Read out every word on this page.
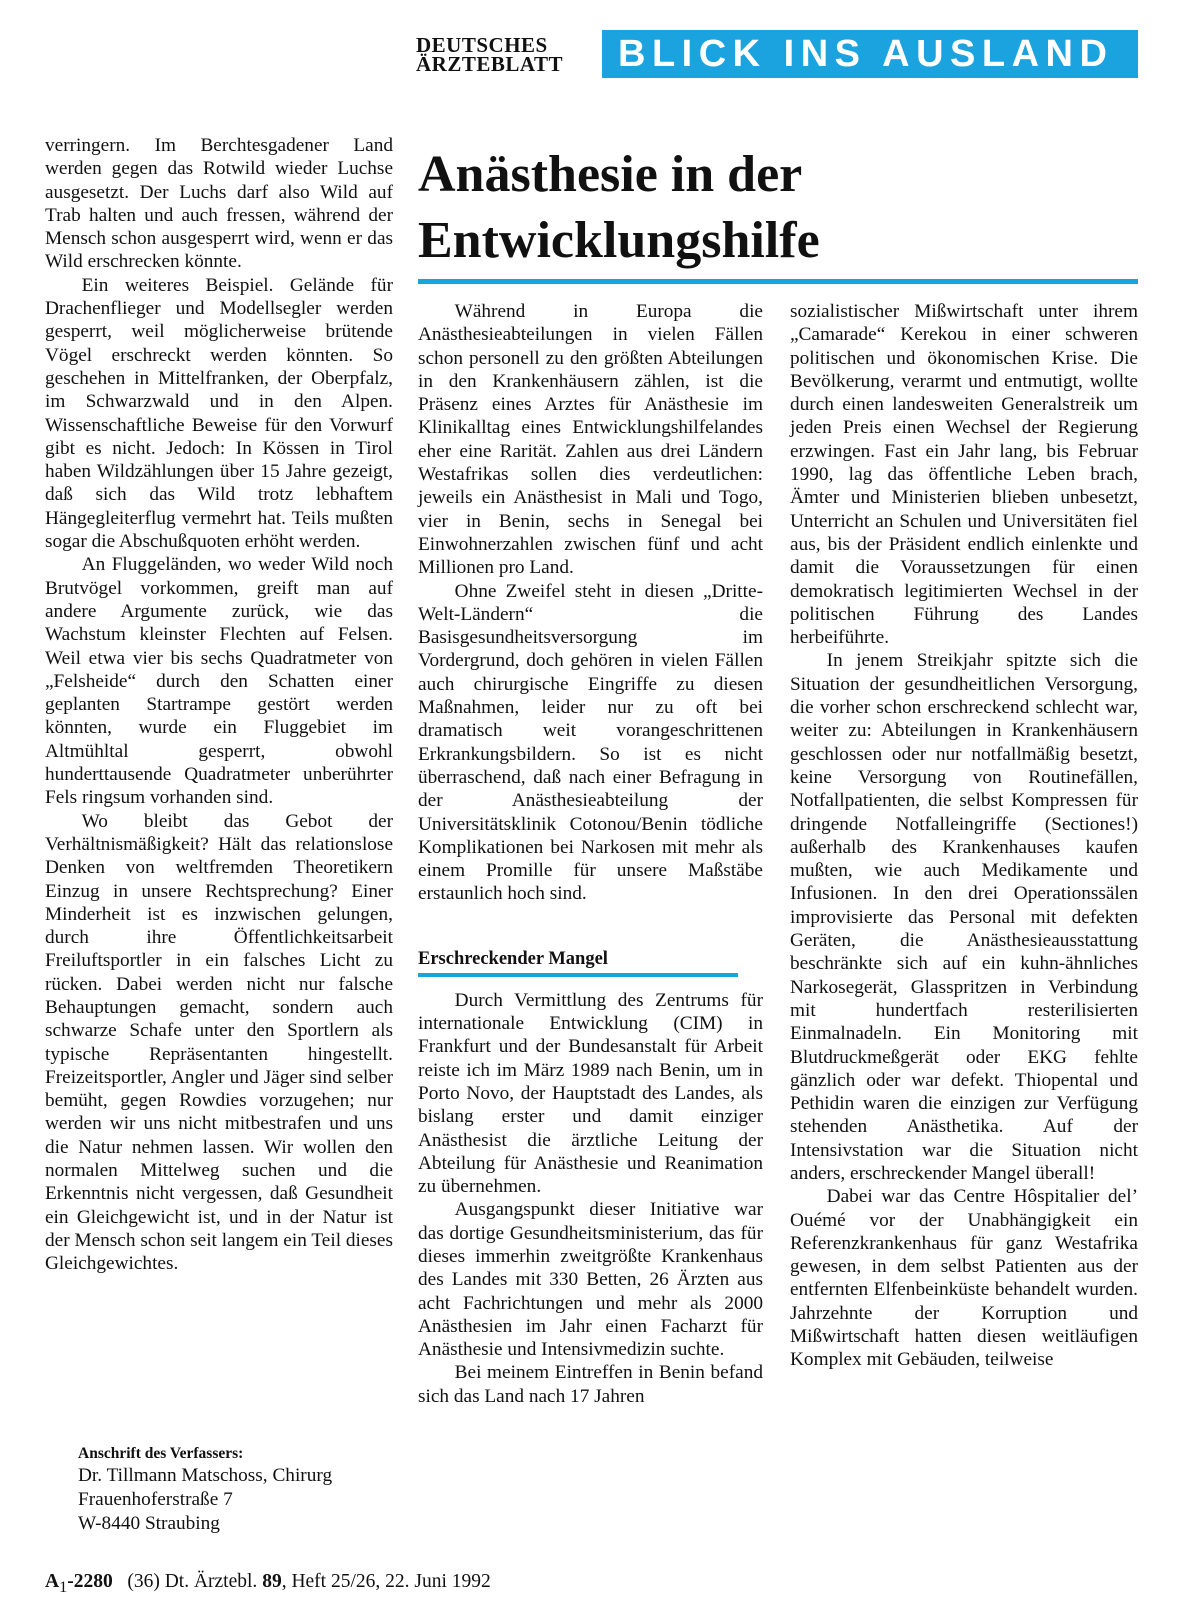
DEUTSCHES
ÄRZTEBLATT	BLICK INS AUSLAND

verringern. Im Berchtesgadener Land werden gegen das Rotwild wieder Luchse ausgesetzt. Der Luchs darf also Wild auf Trab halten und auch fressen, während der Mensch schon ausgesperrt wird, wenn er das Wild erschrecken könnte.

Ein weiteres Beispiel. Gelände für Drachenflieger und Modellsegler werden gesperrt, weil möglicherweise brütende Vögel erschreckt werden könnten. So geschehen in Mittelfranken, der Oberpfalz, im Schwarzwald und in den Alpen. Wissenschaftliche Beweise für den Vorwurf gibt es nicht. Jedoch: In Kössen in Tirol haben Wildzählungen über 15 Jahre gezeigt, daß sich das Wild trotz lebhaftem Hängegleiterflug vermehrt hat. Teils mußten sogar die Abschußquoten erhöht werden.

An Fluggeländen, wo weder Wild noch Brutvögel vorkommen, greift man auf andere Argumente zurück, wie das Wachstum kleinster Flechten auf Felsen. Weil etwa vier bis sechs Quadratmeter von „Felsheide“ durch den Schatten einer geplanten Startrampe gestört werden könnten, wurde ein Fluggebiet im Altmühltal gesperrt, obwohl hunderttausende Quadratmeter unberührter Fels ringsum vorhanden sind.

Wo bleibt das Gebot der Verhältnismäßigkeit? Hält das relationslose Denken von weltfremden Theoretikern Einzug in unsere Rechtsprechung? Einer Minderheit ist es inzwischen gelungen, durch ihre Öffentlichkeitsarbeit Freiluftsportler in ein falsches Licht zu rücken. Dabei werden nicht nur falsche Behauptungen gemacht, sondern auch schwarze Schafe unter den Sportlern als typische Repräsentanten hingestellt. Freizeitsportler, Angler und Jäger sind selber bemüht, gegen Rowdies vorzugehen; nur werden wir uns nicht mitbestrafen und uns die Natur nehmen lassen. Wir wollen den normalen Mittelweg suchen und die Erkenntnis nicht vergessen, daß Gesundheit ein Gleichgewicht ist, und in der Natur ist der Mensch schon seit langem ein Teil dieses Gleichgewichtes.

Anschrift des Verfassers:
Dr. Tillmann Matschoss, Chirurg
Frauenhoferstraße 7
W-8440 Straubing
Anästhesie in der
Entwicklungshilfe

Während in Europa die Anästhesieabteilungen in vielen Fällen schon personell zu den größten Abteilungen in den Krankenhäusern zählen, ist die Präsenz eines Arztes für Anästhesie im Klinikalltag eines Entwicklungshilfelandes eher eine Rarität. Zahlen aus drei Ländern Westafrikas sollen dies verdeutlichen: jeweils ein Anästhesist in Mali und Togo, vier in Benin, sechs in Senegal bei Einwohnerzahlen zwischen fünf und acht Millionen pro Land.

Ohne Zweifel steht in diesen „Dritte-Welt-Ländern“ die Basisgesundheitsversorgung im Vordergrund, doch gehören in vielen Fällen auch chirurgische Eingriffe zu diesen Maßnahmen, leider nur zu oft bei dramatisch weit vorangeschrittenen Erkrankungsbildern. So ist es nicht überraschend, daß nach einer Befragung in der Anästhesieabteilung der Universitätsklinik Cotonou/Benin tödliche Komplikationen bei Narkosen mit mehr als einem Promille für unsere Maßstäbe erstaunlich hoch sind.

Erschreckender Mangel

Durch Vermittlung des Zentrums für internationale Entwicklung (CIM) in Frankfurt und der Bundesanstalt für Arbeit reiste ich im März 1989 nach Benin, um in Porto Novo, der Hauptstadt des Landes, als bislang erster und damit einziger Anästhesist die ärztliche Leitung der Abteilung für Anästhesie und Reanimation zu übernehmen.

Ausgangspunkt dieser Initiative war das dortige Gesundheitsministerium, das für dieses immerhin zweitgrößte Krankenhaus des Landes mit 330 Betten, 26 Ärzten aus acht Fachrichtungen und mehr als 2000 Anästhesien im Jahr einen Facharzt für Anästhesie und Intensivmedizin suchte.

Bei meinem Eintreffen in Benin befand sich das Land nach 17 Jahren

sozialistischer Mißwirtschaft unter ihrem „Camarade“ Kerekou in einer schweren politischen und ökonomischen Krise. Die Bevölkerung, verarmt und entmutigt, wollte durch einen landesweiten Generalstreik um jeden Preis einen Wechsel der Regierung erzwingen. Fast ein Jahr lang, bis Februar 1990, lag das öffentliche Leben brach, Ämter und Ministerien blieben unbesetzt, Unterricht an Schulen und Universitäten fiel aus, bis der Präsident endlich einlenkte und damit die Voraussetzungen für einen demokratisch legitimierten Wechsel in der politischen Führung des Landes herbeiführte.

In jenem Streikjahr spitzte sich die Situation der gesundheitlichen Versorgung, die vorher schon erschreckend schlecht war, weiter zu: Abteilungen in Krankenhäusern geschlossen oder nur notfallmäßig besetzt, keine Versorgung von Routinefällen, Notfallpatienten, die selbst Kompressen für dringende Notfalleingriffe (Sectiones!) außerhalb des Krankenhauses kaufen mußten, wie auch Medikamente und Infusionen. In den drei Operationssälen improvisierte das Personal mit defekten Geräten, die Anästhesieausstattung beschränkte sich auf ein kuhn-ähnliches Narkosegerät, Glasspritzen in Verbindung mit hundertfach resterilisierten Einmalnadeln. Ein Monitoring mit Blutdruckmeßgerät oder EKG fehlte gänzlich oder war defekt. Thiopental und Pethidin waren die einzigen zur Verfügung stehenden Anästhetika. Auf der Intensivstation war die Situation nicht anders, erschreckender Mangel überall!

Dabei war das Centre Hôspitalier del’ Ouémé vor der Unabhängigkeit ein Referenzkrankenhaus für ganz Westafrika gewesen, in dem selbst Patienten aus der entfernten Elfenbeinküste behandelt wurden. Jahrzehnte der Korruption und Mißwirtschaft hatten diesen weitläufigen Komplex mit Gebäuden, teilweise

$A_1-2280$ (36) Dt. Ärztebl. 89, Heft 25/26, 22. Juni 1992
